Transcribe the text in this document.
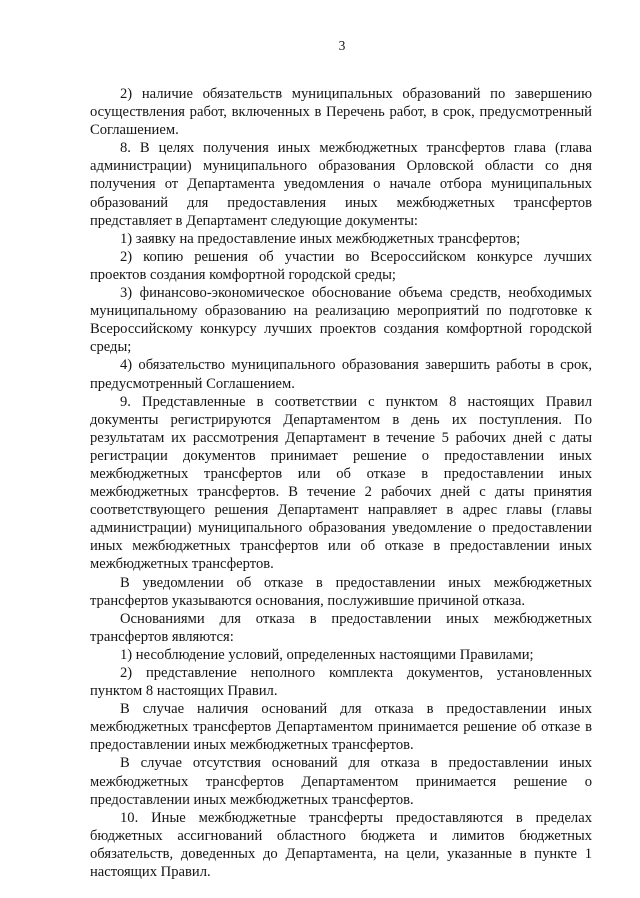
3

2) наличие обязательств муниципальных образований по завершению осуществления работ, включенных в Перечень работ, в срок, предусмотренный Соглашением.

8. В целях получения иных межбюджетных трансфертов глава (глава администрации) муниципального образования Орловской области со дня получения от Департамента уведомления о начале отбора муниципальных образований для предоставления иных межбюджетных трансфертов представляет в Департамент следующие документы:

1) заявку на предоставление иных межбюджетных трансфертов;

2) копию решения об участии во Всероссийском конкурсе лучших проектов создания комфортной городской среды;

3) финансово-экономическое обоснование объема средств, необходимых муниципальному образованию на реализацию мероприятий по подготовке к Всероссийскому конкурсу лучших проектов создания комфортной городской среды;

4) обязательство муниципального образования завершить работы в срок, предусмотренный Соглашением.

9. Представленные в соответствии с пунктом 8 настоящих Правил документы регистрируются Департаментом в день их поступления. По результатам их рассмотрения Департамент в течение 5 рабочих дней с даты регистрации документов принимает решение о предоставлении иных межбюджетных трансфертов или об отказе в предоставлении иных межбюджетных трансфертов. В течение 2 рабочих дней с даты принятия соответствующего решения Департамент направляет в адрес главы (главы администрации) муниципального образования уведомление о предоставлении иных межбюджетных трансфертов или об отказе в предоставлении иных межбюджетных трансфертов.

В уведомлении об отказе в предоставлении иных межбюджетных трансфертов указываются основания, послужившие причиной отказа.

Основаниями для отказа в предоставлении иных межбюджетных трансфертов являются:

1) несоблюдение условий, определенных настоящими Правилами;

2) представление неполного комплекта документов, установленных пунктом 8 настоящих Правил.

В случае наличия оснований для отказа в предоставлении иных межбюджетных трансфертов Департаментом принимается решение об отказе в предоставлении иных межбюджетных трансфертов.

В случае отсутствия оснований для отказа в предоставлении иных межбюджетных трансфертов Департаментом принимается решение о предоставлении иных межбюджетных трансфертов.

10. Иные межбюджетные трансферты предоставляются в пределах бюджетных ассигнований областного бюджета и лимитов бюджетных обязательств, доведенных до Департамента, на цели, указанные в пункте 1 настоящих Правил.
